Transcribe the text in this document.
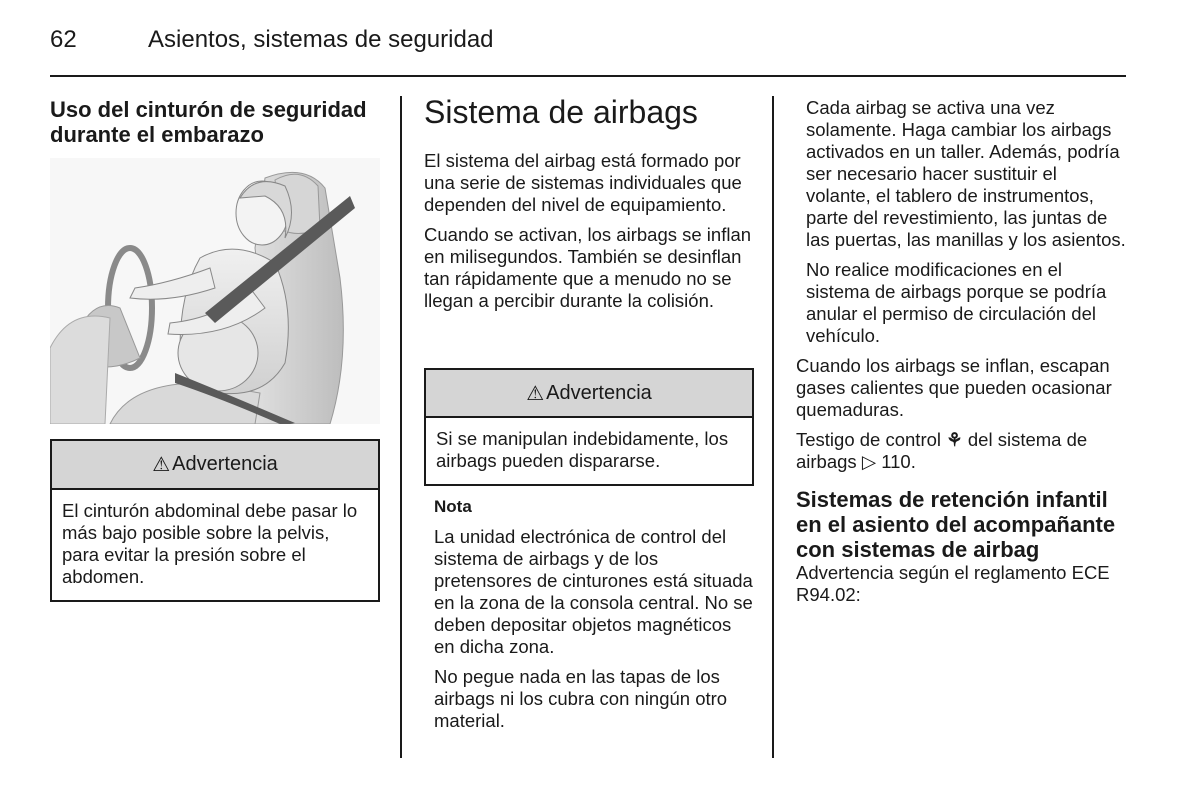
62	Asientos, sistemas de seguridad
Uso del cinturón de seguridad durante el embarazo
⚠ Advertencia
El cinturón abdominal debe pasar lo más bajo posible sobre la pelvis, para evitar la presión sobre el abdomen.
Sistema de airbags

El sistema del airbag está formado por una serie de sistemas individuales que dependen del nivel de equipamiento.

Cuando se activan, los airbags se inflan en milisegundos. También se desinflan tan rápidamente que a menudo no se llegan a percibir durante la colisión.

⚠ Advertencia
Si se manipulan indebidamente, los airbags pueden dispararse.

Nota

La unidad electrónica de control del sistema de airbags y de los pretensores de cinturones está situada en la zona de la consola central. No se deben depositar objetos magnéticos en dicha zona.

No pegue nada en las tapas de los airbags ni los cubra con ningún otro material.

Cada airbag se activa una vez solamente. Haga cambiar los airbags activados en un taller. Además, podría ser necesario hacer sustituir el volante, el tablero de instrumentos, parte del revestimiento, las juntas de las puertas, las manillas y los asientos.

No realice modificaciones en el sistema de airbags porque se podría anular el permiso de circulación del vehículo.

Cuando los airbags se inflan, escapan gases calientes que pueden ocasionar quemaduras.

Testigo de control ⚘ del sistema de airbags ▷ 110.

Sistemas de retención infantil en el asiento del acompañante con sistemas de airbag

Advertencia según el reglamento ECE R94.02:
